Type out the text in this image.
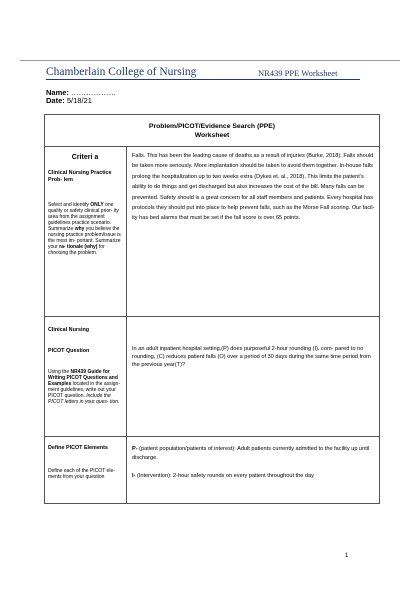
Chamberlain College of Nursing	NR439 PPE Worksheet
Name: ………………
Date: 5/18/21
Problem/PICOT/Evidence Search (PPE)
Worksheet
Criteri a
Clinical Nursing Practice Prob- lem
Select and identify ONLY one quality or safety clinical prior- ity area from the assignment guidelines practice scenario. Summarize why you believe the nursing practice problem/issue is the most im- portant. Summarize your ra- tionale (why) for choosing the problem.
Falls. This has been the leading cause of deaths as a result of injuries (Burke, 2018). Falls should be taken more seriously. More implantation should be taken to avoid them together. In-house falls prolong the hospitalization up to two weeks extra (Dykes et. al., 2018). This limits the patient’s ability to do things and get discharged but also increases the cost of the bill. Many falls can be prevented. Safety should is a great concern for all staff members and patients. Every hospital has protocols they should put into place to help prevent falls, such as the Morse Fall scoring. Our facil- ity has bed alarms that must be set if the fall score is over 65 points.
Clinical Nursing
PICOT Question
Using the NR439 Guide for Writing PICOT Questions and Examples located in the assign- ment guidelines, write out your PICOT question. Include the PICOT letters in your ques- tion.
In an adult inpatient hospital setting,(P) does purposeful 2-hour rounding (I), com- pared to no rounding, (C) reduces patient falls (O) over a period of 30 days during the same time period from the previous year(T)?
Define PICOT Elements
Define each of the PICOT ele- ments from your question
P- (patient population/patients of interest): Adult patients currently admitted to the facility up until discharge.
I- (Intervention): 2-hour safety rounds on every patient throughout the day
1
